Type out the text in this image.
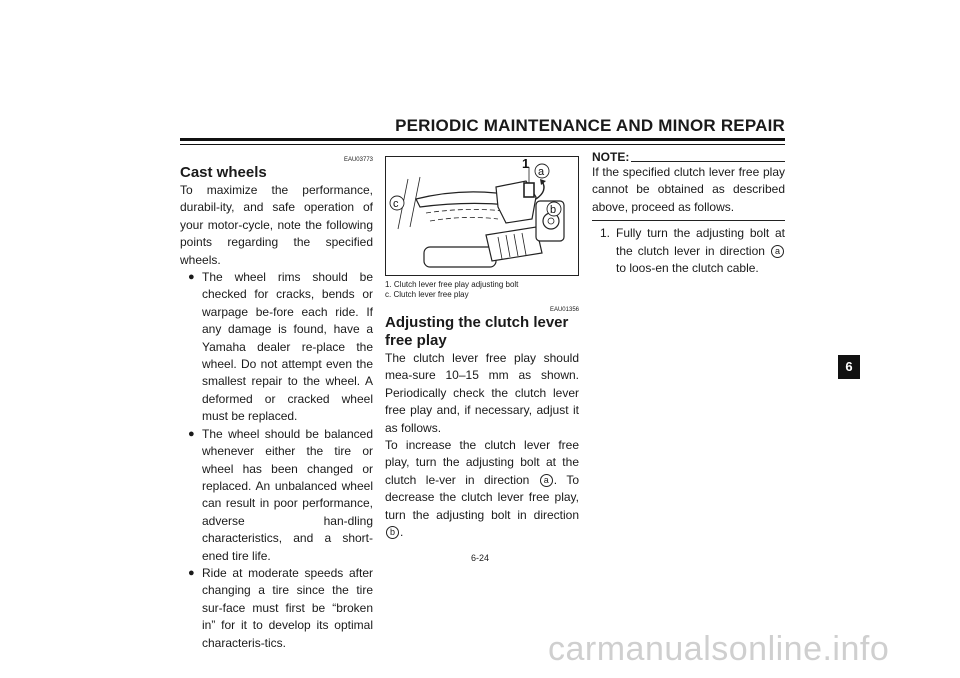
PERIODIC MAINTENANCE AND MINOR REPAIR
EAU03773
Cast wheels
To maximize the performance, durabil-ity, and safe operation of your motor-cycle, note the following points regarding the specified wheels.
● The wheel rims should be checked for cracks, bends or warpage be-fore each ride. If any damage is found, have a Yamaha dealer re-place the wheel. Do not attempt even the smallest repair to the wheel. A deformed or cracked wheel must be replaced.
● The wheel should be balanced whenever either the tire or wheel has been changed or replaced. An unbalanced wheel can result in poor performance, adverse han-dling characteristics, and a short-ened tire life.
● Ride at moderate speeds after changing a tire since the tire sur-face must first be “broken in” for it to develop its optimal characteris-tics.
1
a
b
c
1. Clutch lever free play adjusting bolt
c. Clutch lever free play
EAU01356
Adjusting the clutch lever free play
The clutch lever free play should mea-sure 10–15 mm as shown. Periodically check the clutch lever free play and, if necessary, adjust it as follows.
To increase the clutch lever free play, turn the adjusting bolt at the clutch le-ver in direction a . To decrease the clutch lever free play, turn the adjusting bolt in direction b .
NOTE:
If the specified clutch lever free play cannot be obtained as described above, proceed as follows.
1. Fully turn the adjusting bolt at the clutch lever in direction a to loos-en the clutch cable.
6
6-24
carmanualsonline.info
